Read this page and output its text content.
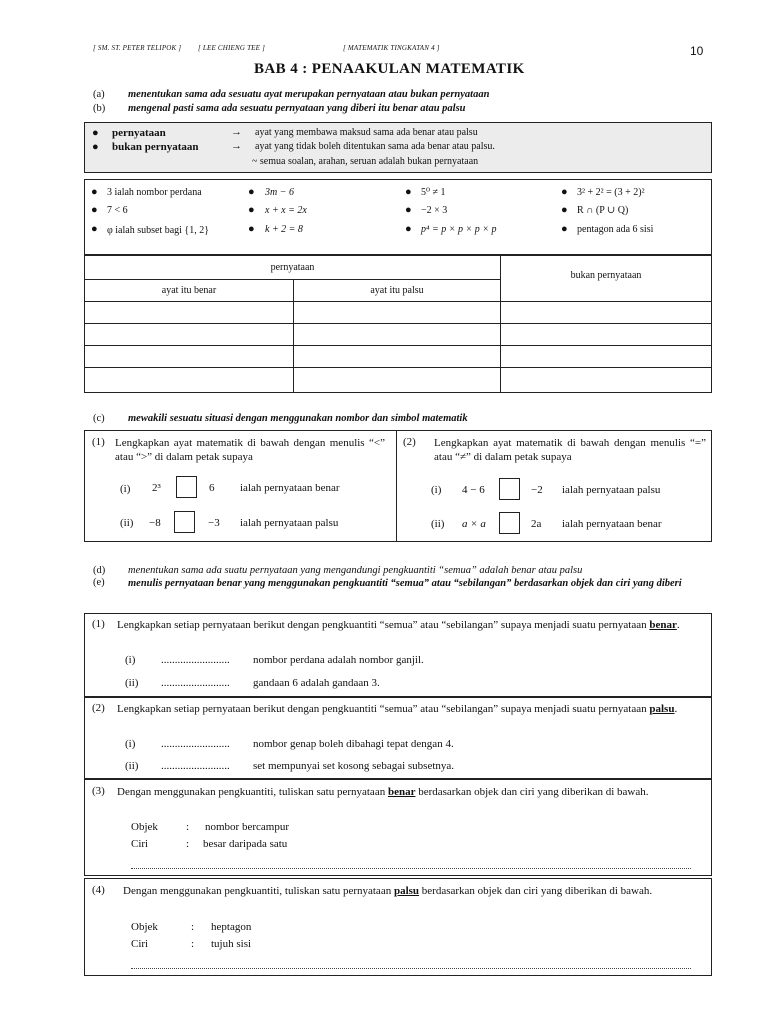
[ SM. ST. PETER TELIPOK ] [ LEE CHIENG TEE ]	[ MATEMATIK TINGKATAN 4 ]	10
BAB 4 : PENAAKULAN MATEMATIK
(a) menentukan sama ada sesuatu ayat merupakan pernyataan atau bukan pernyataan
(b) mengenal pasti sama ada sesuatu pernyataan yang diberi itu benar atau palsu
● pernyataan	→ ayat yang membawa maksud sama ada benar atau palsu
● bukan pernyataan	→ ayat yang tidak boleh ditentukan sama ada benar atau palsu.
~ semua soalan, arahan, seruan adalah bukan pernyataan
● 3 ialah nombor perdana	● 3m − 6	● 5⁰ ≠ 1	● 3² + 2² = (3 + 2)²
● 7 < 6	● x + x = 2x	● −2 × 3	● R ∩ (P ∪ Q)
● φ ialah subset bagi {1, 2}	● k + 2 = 8	● p⁴ = p × p × p × p	● pentagon ada 6 sisi
pernyataan
bukan pernyataan
ayat itu benar	ayat itu palsu
(c) mewakili sesuatu situasi dengan menggunakan nombor dan simbol matematik
(1) Lengkapkan ayat matematik di bawah dengan menulis “<” atau “>” di dalam petak supaya
(i) 2³	6 ialah pernyataan benar
(ii) −8	−3 ialah pernyataan palsu
(2) Lengkapkan ayat matematik di bawah dengan menulis “=” atau “≠” di dalam petak supaya
(i) 4 − 6	−2 ialah pernyataan palsu
(ii) a × a	2a ialah pernyataan benar
(d) menentukan sama ada suatu pernyataan yang mengandungi pengkuantiti “semua” adalah benar atau palsu
(e) menulis pernyataan benar yang menggunakan pengkuantiti “semua” atau “sebilangan” berdasarkan objek dan ciri yang diberi
(1) Lengkapkan setiap pernyataan berikut dengan pengkuantiti “semua” atau “sebilangan” supaya menjadi suatu pernyataan benar.
(i) ......................... nombor perdana adalah nombor ganjil.
(ii) ......................... gandaan 6 adalah gandaan 3.
(2) Lengkapkan setiap pernyataan berikut dengan pengkuantiti “semua” atau “sebilangan” supaya menjadi suatu pernyataan palsu.
(i) ......................... nombor genap boleh dibahagi tepat dengan 4.
(ii) ......................... set mempunyai set kosong sebagai subsetnya.
(3) Dengan menggunakan pengkuantiti, tuliskan satu pernyataan benar berdasarkan objek dan ciri yang diberikan di bawah.
Objek	: nombor bercampur
Ciri	: besar daripada satu
(4) Dengan menggunakan pengkuantiti, tuliskan satu pernyataan palsu berdasarkan objek dan ciri yang diberikan di bawah.
Objek	: heptagon
Ciri	: tujuh sisi
